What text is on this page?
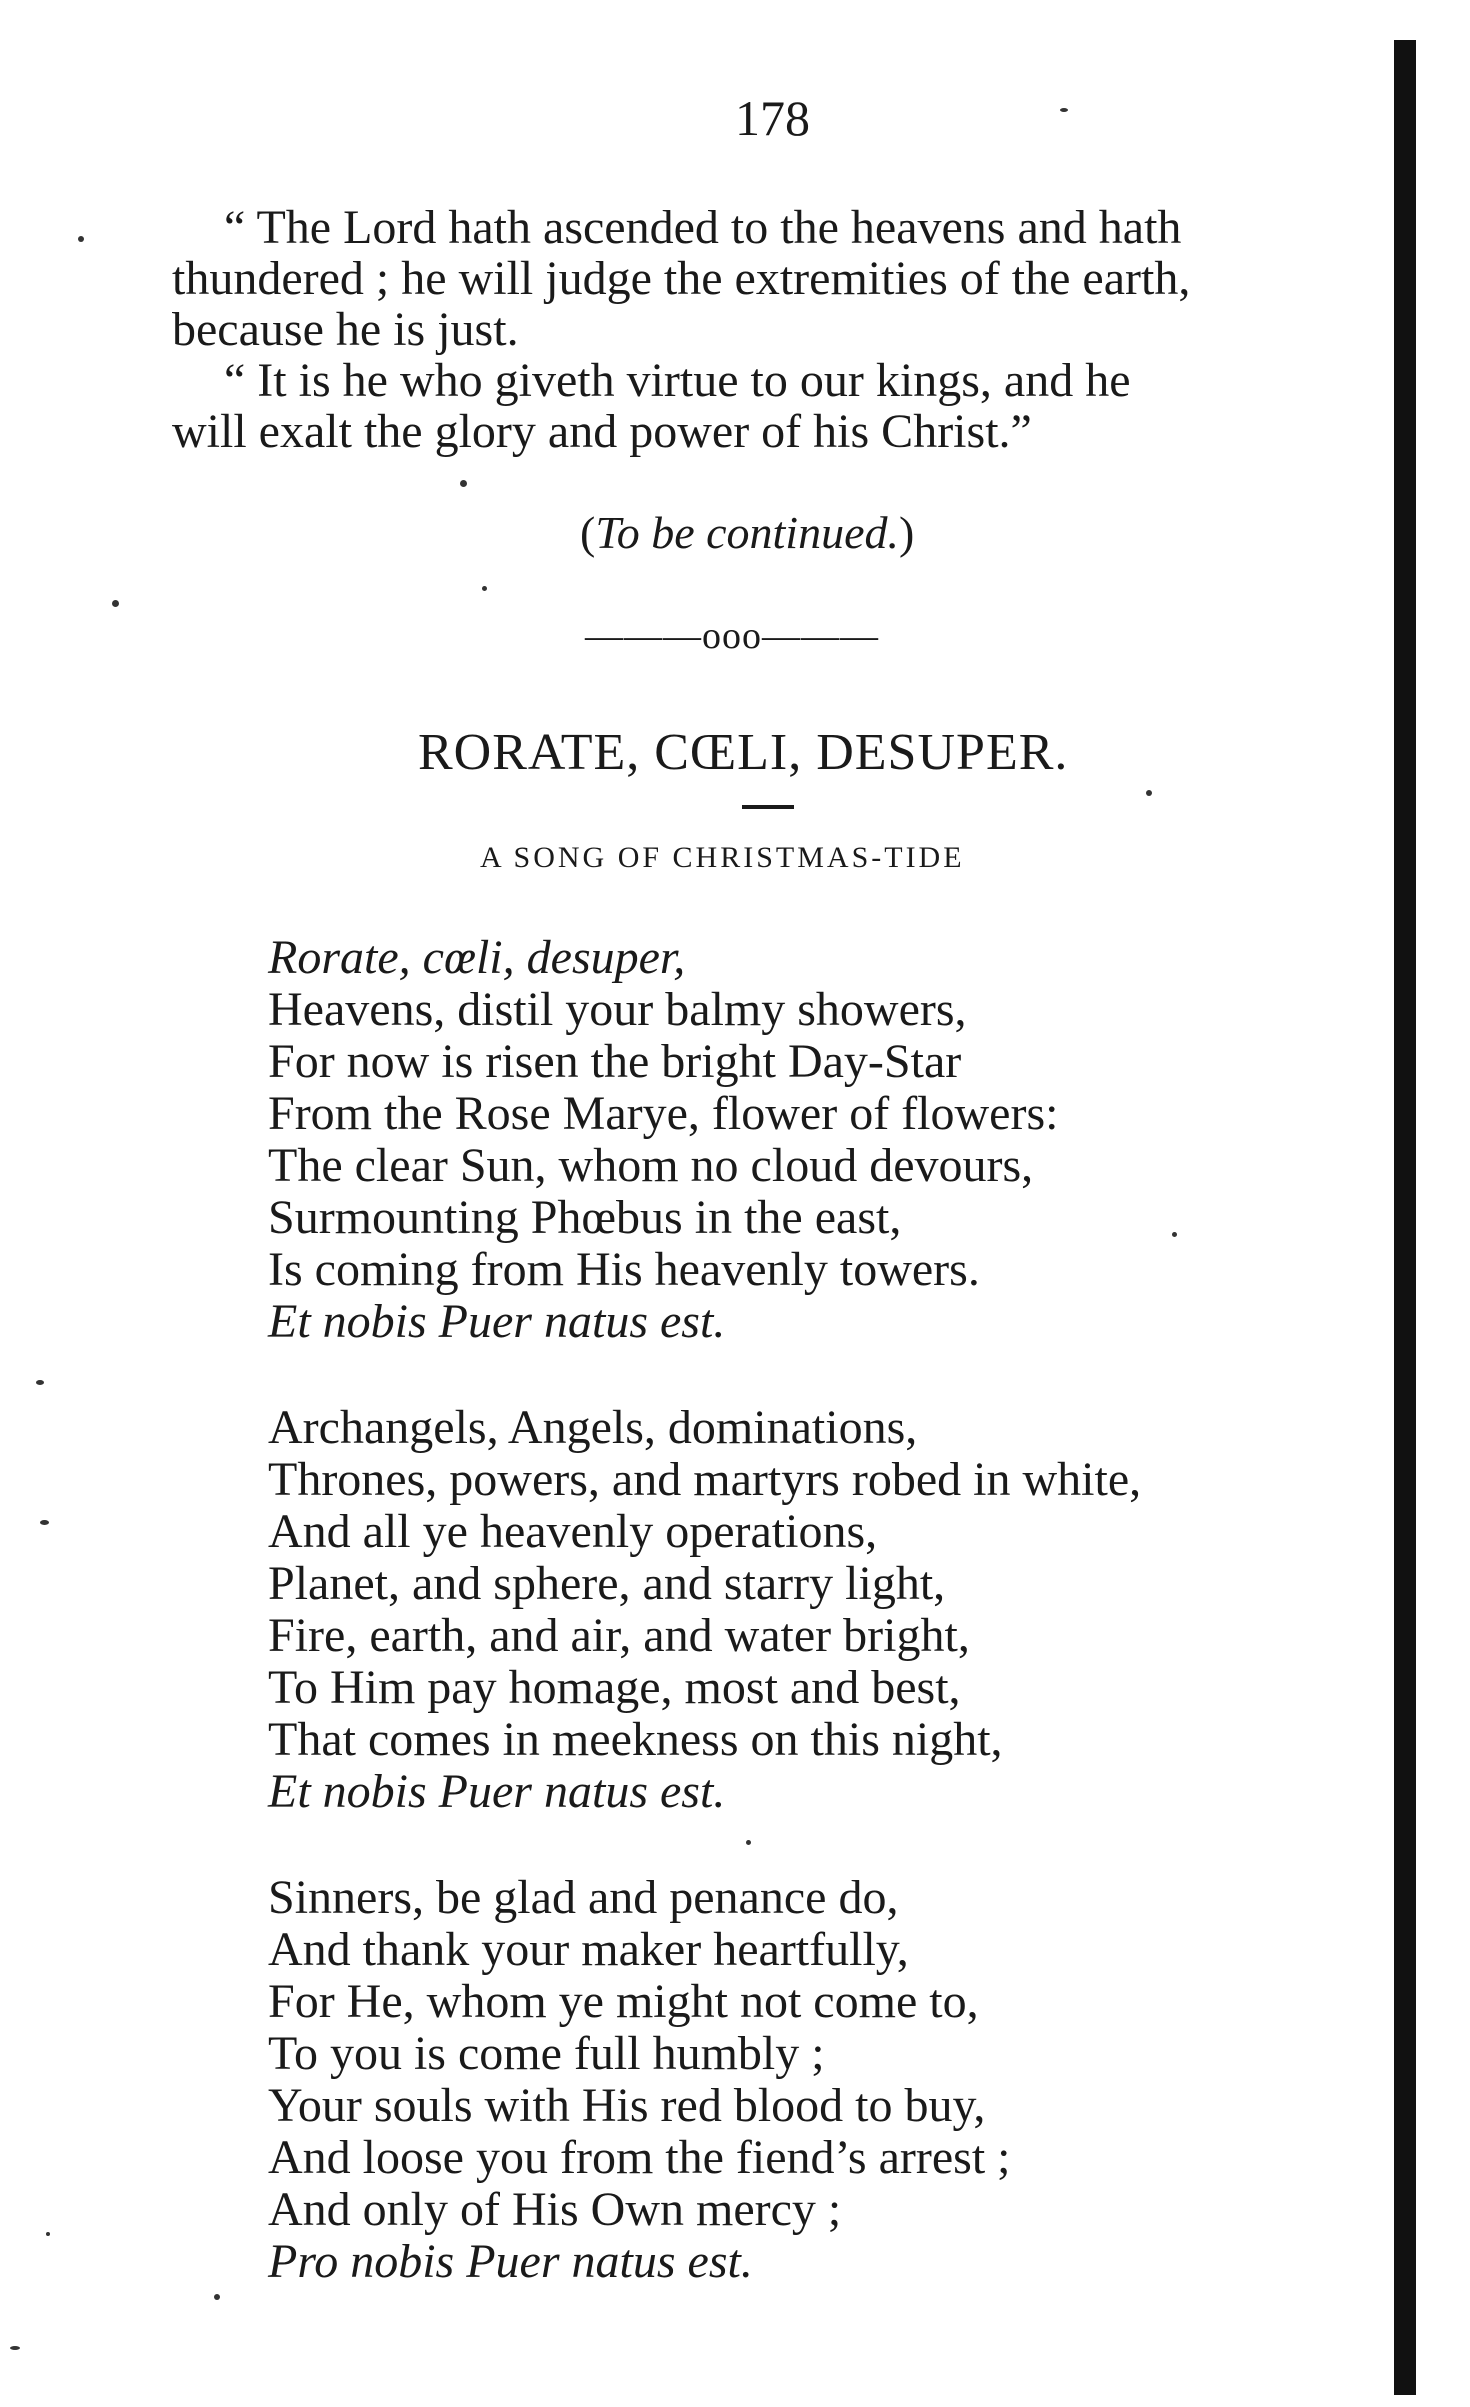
178
“ The Lord hath ascended to the heavens and hath
thundered ; he will judge the extremities of the earth,
because he is just.
“ It is he who giveth virtue to our kings, and he
will exalt the glory and power of his Christ.”
(To be continued.)
———ooo———
RORATE, CŒLI, DESUPER.
A SONG OF CHRISTMAS-TIDE
Rorate, cœli, desuper,
Heavens, distil your balmy showers,
For now is risen the bright Day-Star
From the Rose Marye, flower of flowers:
The clear Sun, whom no cloud devours,
Surmounting Phœbus in the east,
Is coming from His heavenly towers.
Et nobis Puer natus est.
Archangels, Angels, dominations,
Thrones, powers, and martyrs robed in white,
And all ye heavenly operations,
Planet, and sphere, and starry light,
Fire, earth, and air, and water bright,
To Him pay homage, most and best,
That comes in meekness on this night,
Et nobis Puer natus est.
Sinners, be glad and penance do,
And thank your maker heartfully,
For He, whom ye might not come to,
To you is come full humbly ;
Your souls with His red blood to buy,
And loose you from the fiend’s arrest ;
And only of His Own mercy ;
Pro nobis Puer natus est.
